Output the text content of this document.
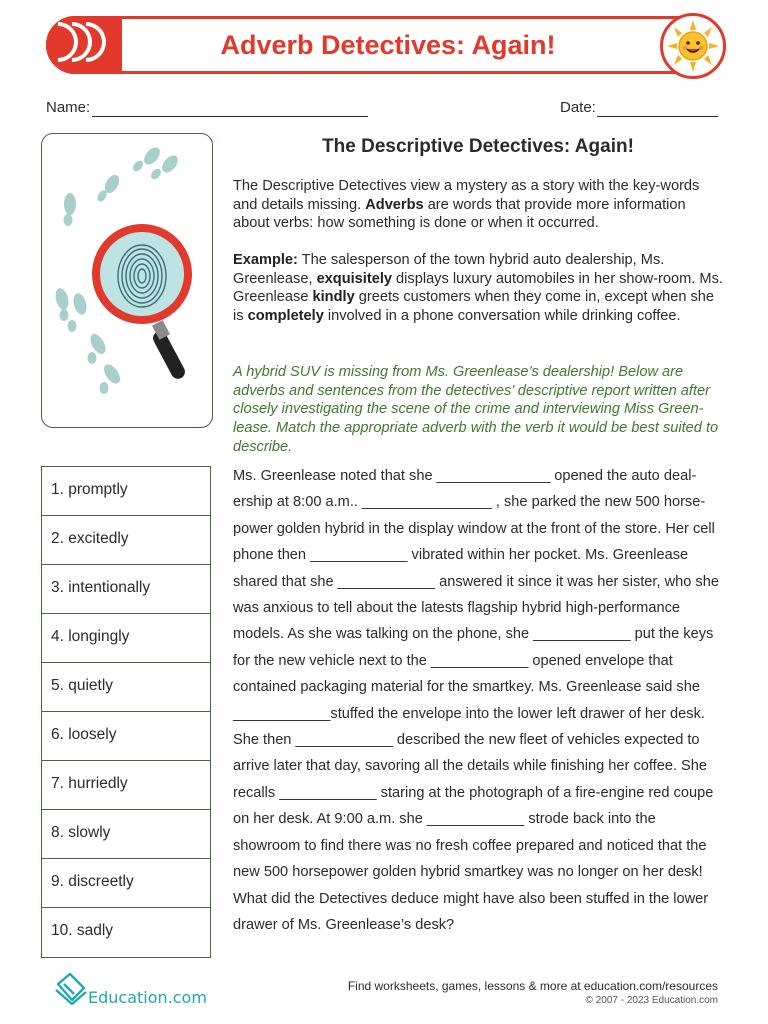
Adverb Detectives: Again!
Name:	Date:
1. promptly
2. excitedly
3. intentionally
4. longingly
5. quietly
6. loosely
7. hurriedly
8. slowly
9. discreetly
10. sadly
The Descriptive Detectives: Again!
The Descriptive Detectives view a mystery as a story with the key-words and details missing. Adverbs are words that provide more information about verbs: how something is done or when it occurred.
Example: The salesperson of the town hybrid auto dealership, Ms. Greenlease, exquisitely displays luxury automobiles in her show-room. Ms. Greenlease kindly greets customers when they come in, except when she is completely involved in a phone conversation while drinking coffee.
A hybrid SUV is missing from Ms. Greenlease’s dealership! Below are adverbs and sentences from the detectives’ descriptive report written after closely investigating the scene of the crime and interviewing Miss Green-lease. Match the appropriate adverb with the verb it would be best suited to describe.
Ms. Greenlease noted that she ______________ opened the auto deal-ership at 8:00 a.m.. ________________ , she parked the new 500 horse-power golden hybrid in the display window at the front of the store. Her cell phone then ____________ vibrated within her pocket. Ms. Greenlease shared that she ____________ answered it since it was her sister, who she was anxious to tell about the latests flagship hybrid high-performance models. As she was talking on the phone, she ____________ put the keys for the new vehicle next to the ____________ opened envelope that contained packaging material for the smartkey. Ms. Greenlease said she ____________stuffed the envelope into the lower left drawer of her desk. She then ____________ described the new fleet of vehicles expected to arrive later that day, savoring all the details while finishing her coffee. She recalls ____________ staring at the photograph of a fire-engine red coupe on her desk. At 9:00 a.m. she ____________ strode back into the showroom to find there was no fresh coffee prepared and noticed that the new 500 horsepower golden hybrid smartkey was no longer on her desk! What did the Detectives deduce might have also been stuffed in the lower drawer of Ms. Greenlease’s desk?
Education.com
Find worksheets, games, lessons & more at education.com/resources
© 2007 - 2023 Education.com
